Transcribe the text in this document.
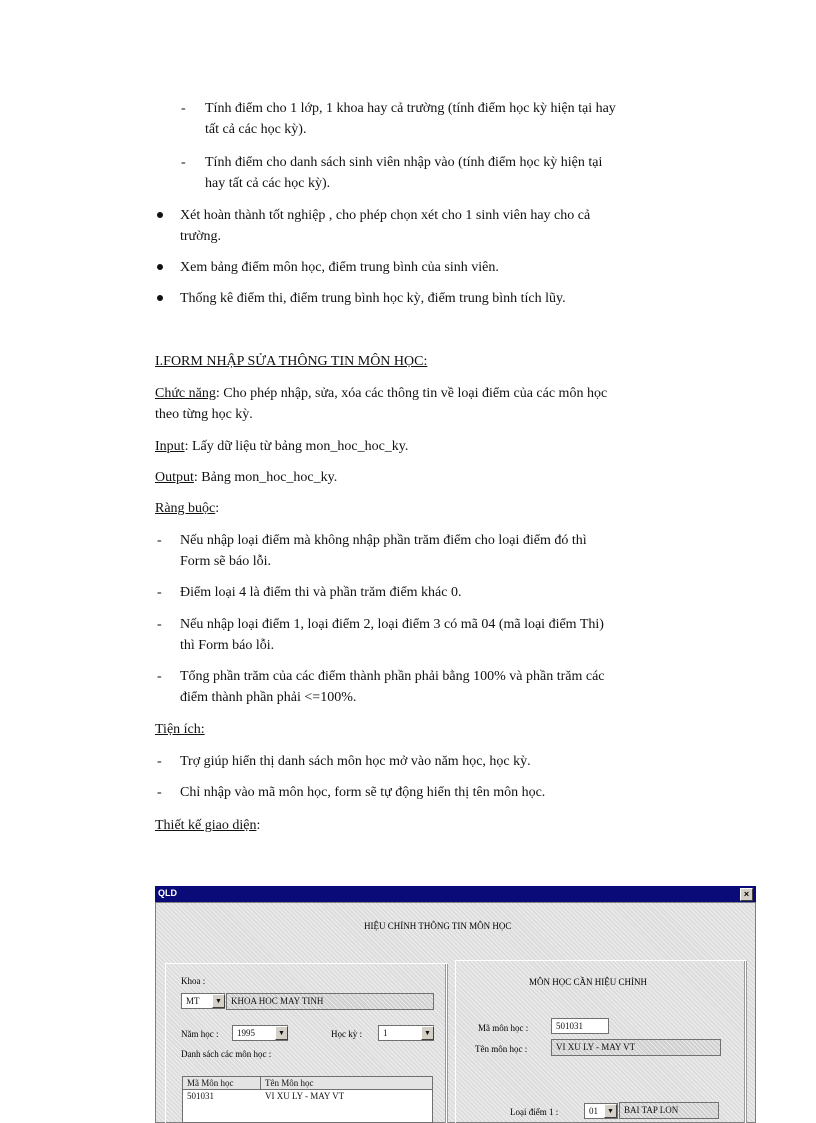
- Tính điểm cho 1 lớp, 1 khoa hay cả trường (tính điểm học kỳ hiện tại hay
tất cả các học kỳ).
- Tính điểm cho danh sách sinh viên nhập vào (tính điểm học kỳ hiện tại
hay tất cả các học kỳ).
Xét hoàn thành tốt nghiệp , cho phép chọn xét cho 1 sinh viên hay cho cả
trường.
Xem bảng điểm môn học, điểm trung bình của sinh viên.
Thống kê điểm thi, điểm trung bình học kỳ, điểm trung bình tích lũy.
I.FORM NHẬP SỬA THÔNG TIN MÔN HỌC:
Chức năng: Cho phép nhập, sửa, xóa các thông tin về loại điểm của các môn học
theo từng học kỳ.
Input: Lấy dữ liệu từ bảng mon_hoc_hoc_ky.
Output: Bảng mon_hoc_hoc_ky.
Ràng buộc:
- Nếu nhập loại điểm mà không nhập phần trăm điểm cho loại điểm đó thì
Form sẽ báo lỗi.
- Điểm loại 4 là điểm thi và phần trăm điểm khác 0.
- Nếu nhập loại điểm 1, loại điểm 2, loại điểm 3 có mã 04 (mã loại điểm Thi)
thì Form báo lỗi.
- Tổng phần trăm của các điểm thành phần phải bằng 100% và phần trăm các
điểm thành phần phải <=100%.
Tiện ích:
- Trợ giúp hiển thị danh sách môn học mở vào năm học, học kỳ.
- Chỉ nhập vào mã môn học, form sẽ tự động hiển thị tên môn học.
Thiết kế giao diện:
QLD	×
HIỆU CHỈNH THÔNG TIN MÔN HỌC
Khoa :
MT	▼	KHOA HOC MAY TINH
Năm học :	1995	▼	Học kỳ :	1	▼
Danh sách các môn học :
Mã Môn học	Tên Môn học
501031	VI XU LY - MAY VT
MÔN HỌC CẦN HIỆU CHỈNH
Mã môn học :	501031
Tên môn học :	VI XU LY - MAY VT
Loại điểm 1 :	01	▼	BAI TAP LON
